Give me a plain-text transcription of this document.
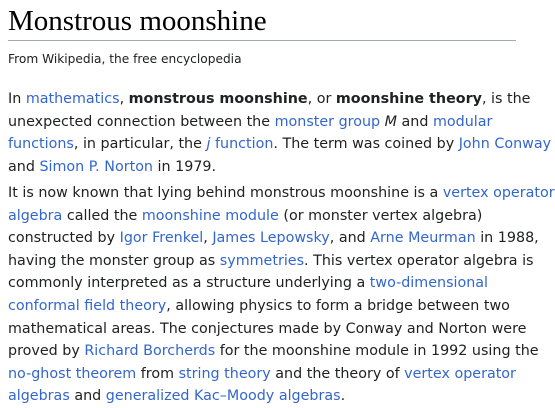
Monstrous moonshine
From Wikipedia, the free encyclopedia

In mathematics, monstrous moonshine, or moonshine theory, is the
unexpected connection between the monster group M and modular
functions, in particular, the j function. The term was coined by John Conway
and Simon P. Norton in 1979.

It is now known that lying behind monstrous moonshine is a vertex operator
algebra called the moonshine module (or monster vertex algebra)
constructed by Igor Frenkel, James Lepowsky, and Arne Meurman in 1988,
having the monster group as symmetries. This vertex operator algebra is
commonly interpreted as a structure underlying a two-dimensional
conformal field theory, allowing physics to form a bridge between two
mathematical areas. The conjectures made by Conway and Norton were
proved by Richard Borcherds for the moonshine module in 1992 using the
no-ghost theorem from string theory and the theory of vertex operator
algebras and generalized Kac–Moody algebras.
